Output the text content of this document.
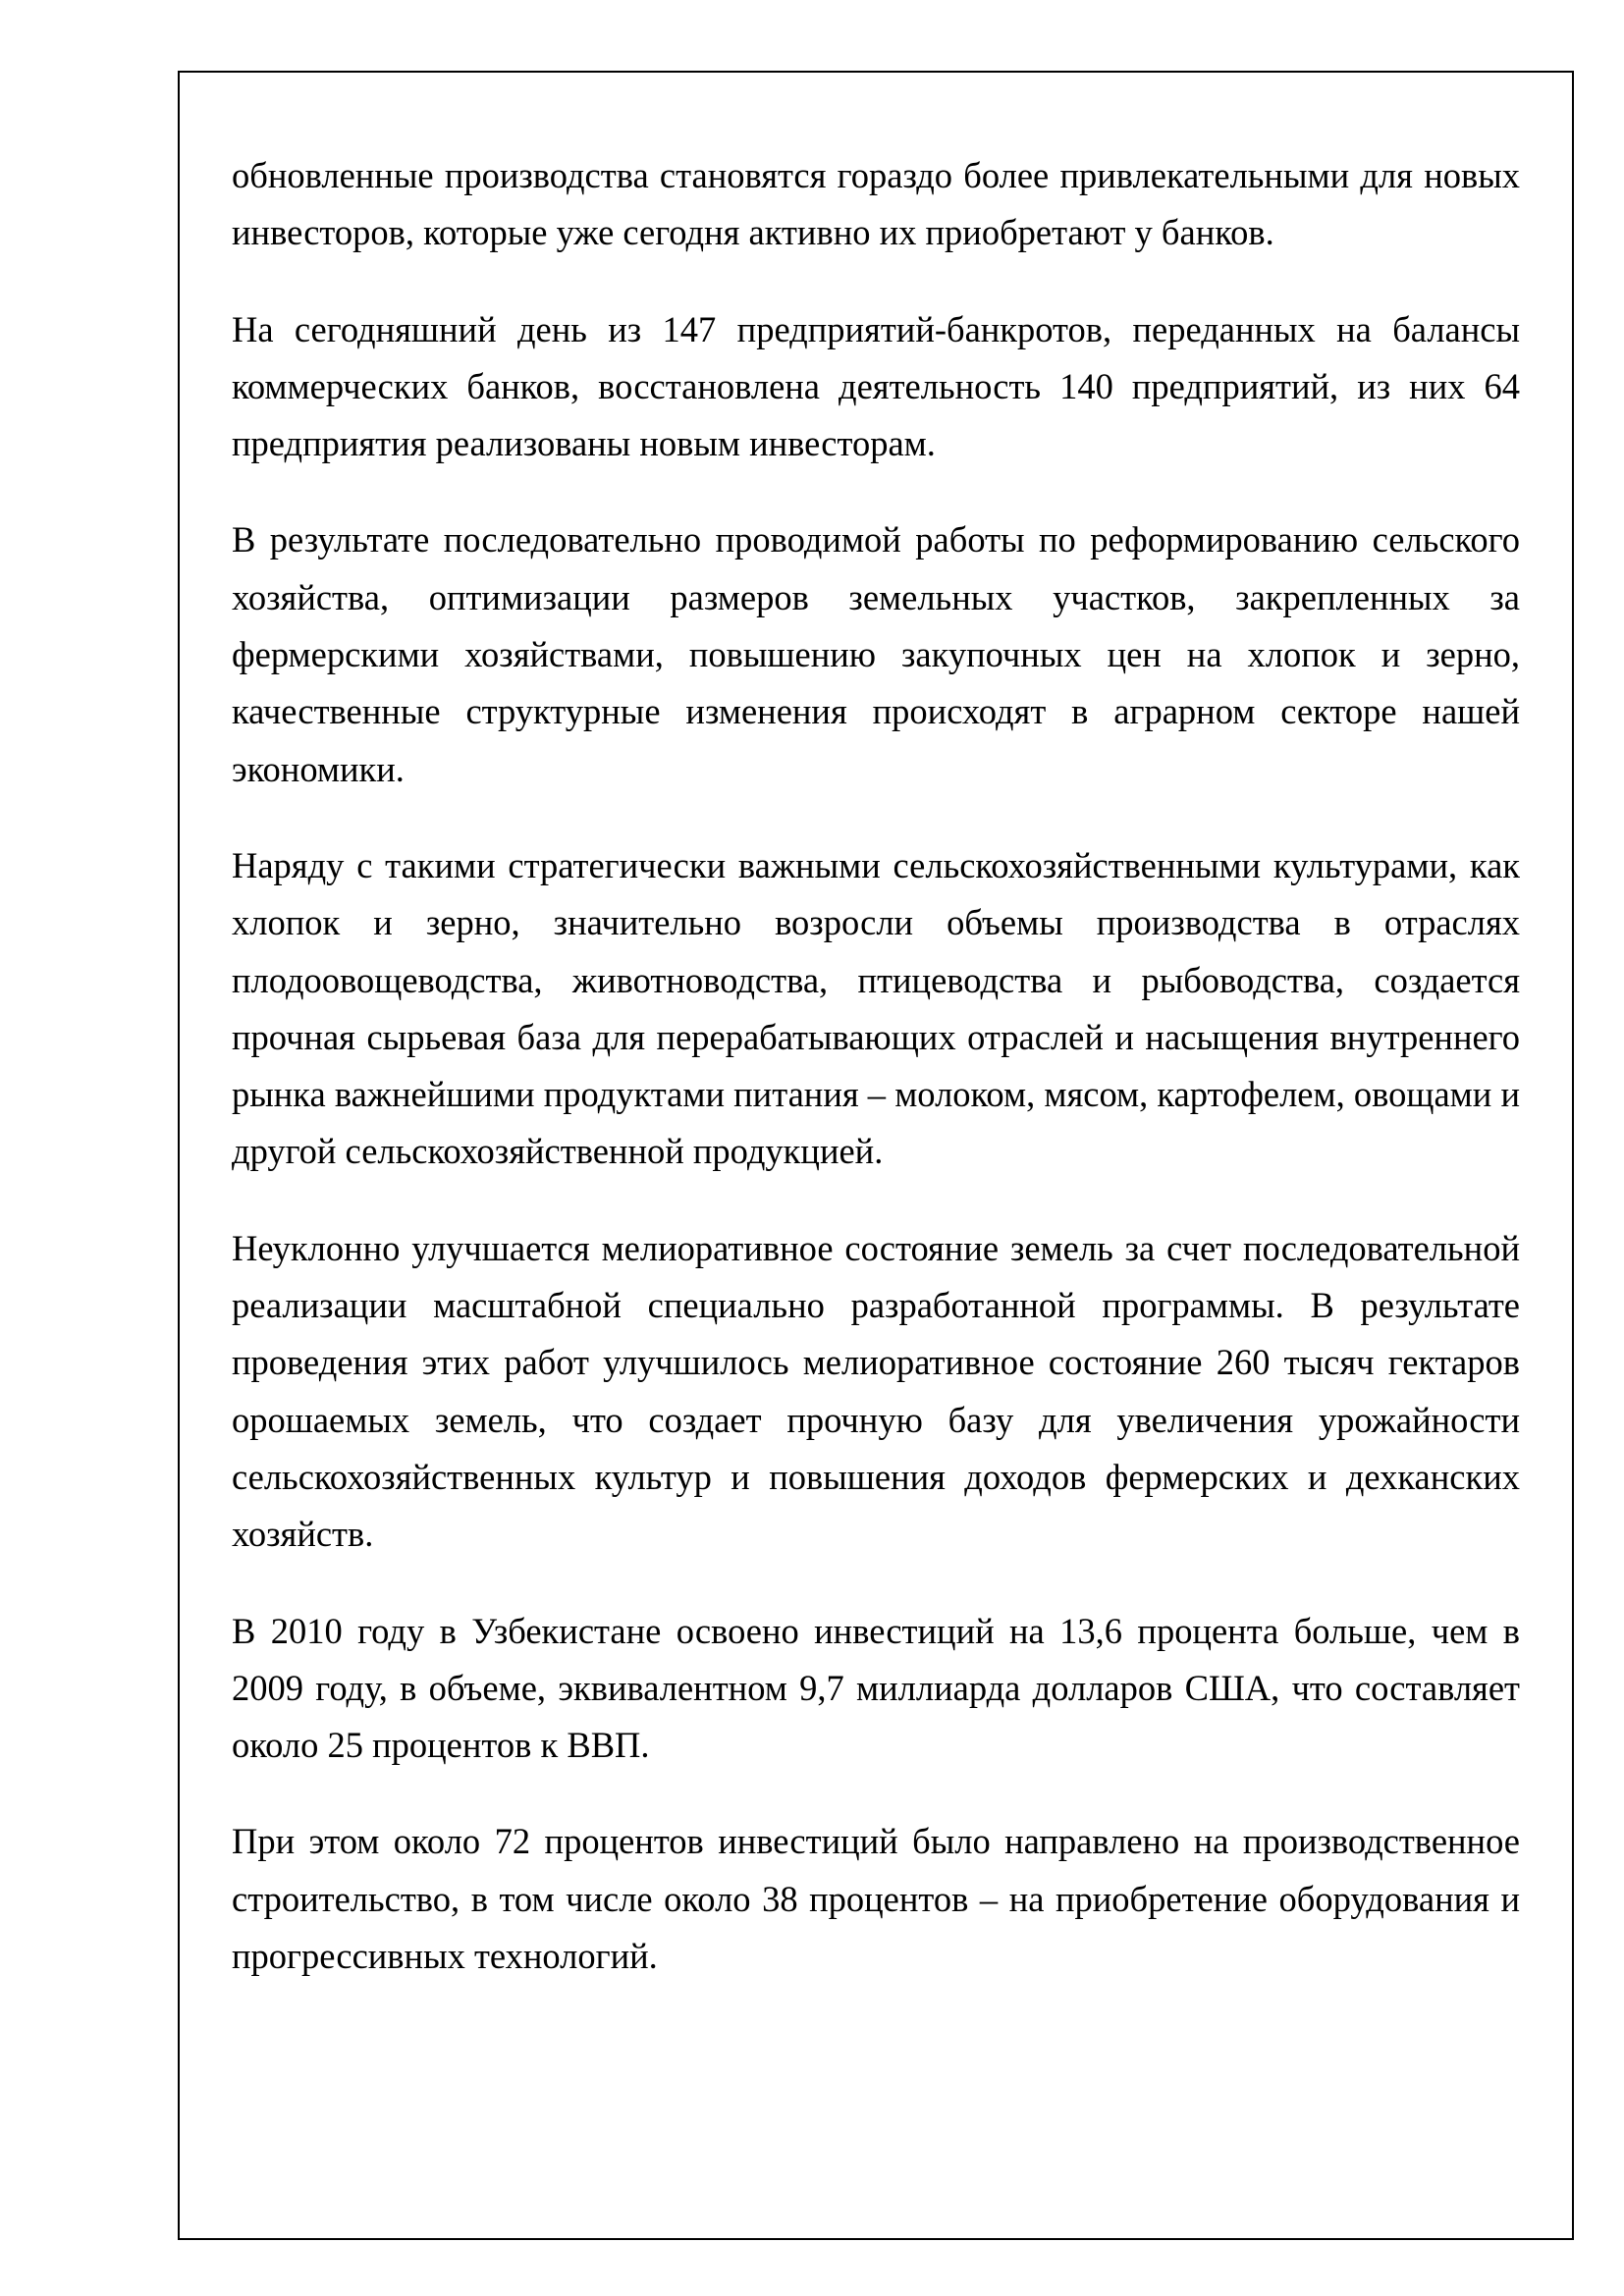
обновленные производства становятся гораздо более привлекательными для новых инвесторов, которые уже сегодня активно их приобретают у банков.

На сегодняшний день из 147 предприятий-банкротов, переданных на балансы коммерческих банков, восстановлена деятельность 140 предприятий, из них 64 предприятия реализованы новым инвесторам.

В результате последовательно проводимой работы по реформированию сельского хозяйства, оптимизации размеров земельных участков, закрепленных за фермерскими хозяйствами, повышению закупочных цен на хлопок и зерно, качественные структурные изменения происходят в аграрном секторе нашей экономики.

Наряду с такими стратегически важными сельскохозяйственными культурами, как хлопок и зерно, значительно возросли объемы производства в отраслях плодоовощеводства, животноводства, птицеводства и рыбоводства, создается прочная сырьевая база для перерабатывающих отраслей и насыщения внутреннего рынка важнейшими продуктами питания – молоком, мясом, картофелем, овощами и другой сельскохозяйственной продукцией.

Неуклонно улучшается мелиоративное состояние земель за счет последовательной реализации масштабной специально разработанной программы. В результате проведения этих работ улучшилось мелиоративное состояние 260 тысяч гектаров орошаемых земель, что создает прочную базу для увеличения урожайности сельскохозяйственных культур и повышения доходов фермерских и дехканских хозяйств.

В 2010 году в Узбекистане освоено инвестиций на 13,6 процента больше, чем в 2009 году, в объеме, эквивалентном 9,7 миллиарда долларов США, что составляет около 25 процентов к ВВП.

При этом около 72 процентов инвестиций было направлено на производственное строительство, в том числе около 38 процентов – на приобретение оборудования и прогрессивных технологий.
